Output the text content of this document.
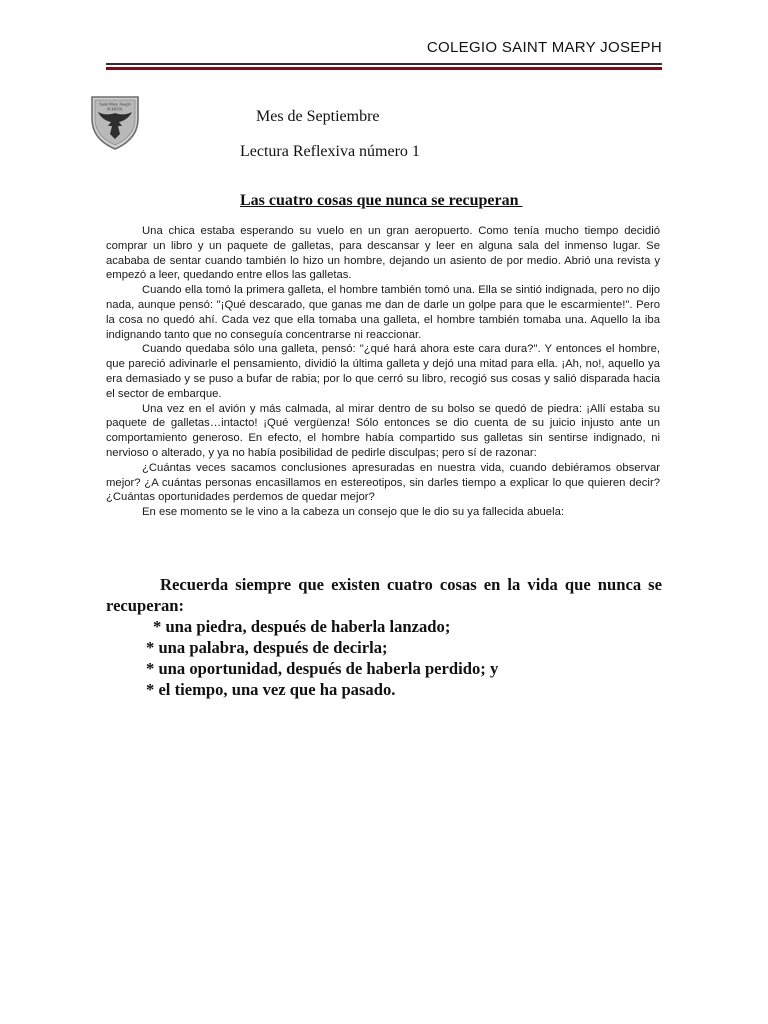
COLEGIO SAINT MARY JOSEPH
Saint Mary Joseph
SCHOOL	Mes de Septiembre
Lectura Reflexiva número 1
Las cuatro cosas que nunca se recuperan

Una chica estaba esperando su vuelo en un gran aeropuerto. Como tenía mucho tiempo decidió comprar un libro y un paquete de galletas, para descansar y leer en alguna sala del inmenso lugar. Se acababa de sentar cuando también lo hizo un hombre, dejando un asiento de por medio. Abrió una revista y empezó a leer, quedando entre ellos las galletas.

Cuando ella tomó la primera galleta, el hombre también tomó una. Ella se sintió indignada, pero no dijo nada, aunque pensó: "¡Qué descarado, que ganas me dan de darle un golpe para que le escarmiente!". Pero la cosa no quedó ahí. Cada vez que ella tomaba una galleta, el hombre también tomaba una. Aquello la iba indignando tanto que no conseguía concentrarse ni reaccionar.

Cuando quedaba sólo una galleta, pensó: "¿qué hará ahora este cara dura?". Y entonces el hombre, que pareció adivinarle el pensamiento, dividió la última galleta y dejó una mitad para ella. ¡Ah, no!, aquello ya era demasiado y se puso a bufar de rabia; por lo que cerró su libro, recogió sus cosas y salió disparada hacia el sector de embarque.

Una vez en el avión y más calmada, al mirar dentro de su bolso se quedó de piedra: ¡Allí estaba su paquete de galletas…intacto! ¡Qué vergüenza! Sólo entonces se dio cuenta de su juicio injusto ante un comportamiento generoso. En efecto, el hombre había compartido sus galletas sin sentirse indignado, ni nervioso o alterado, y ya no había posibilidad de pedirle disculpas; pero sí de razonar:

¿Cuántas veces sacamos conclusiones apresuradas en nuestra vida, cuando debiéramos observar mejor? ¿A cuántas personas encasillamos en estereotipos, sin darles tiempo a explicar lo que quieren decir? ¿Cuántas oportunidades perdemos de quedar mejor?

En ese momento se le vino a la cabeza un consejo que le dio su ya fallecida abuela:

Recuerda siempre que existen cuatro cosas en la vida que nunca se recuperan:

* una piedra, después de haberla lanzado;
* una palabra, después de decirla;
* una oportunidad, después de haberla perdido; y
* el tiempo, una vez que ha pasado.
